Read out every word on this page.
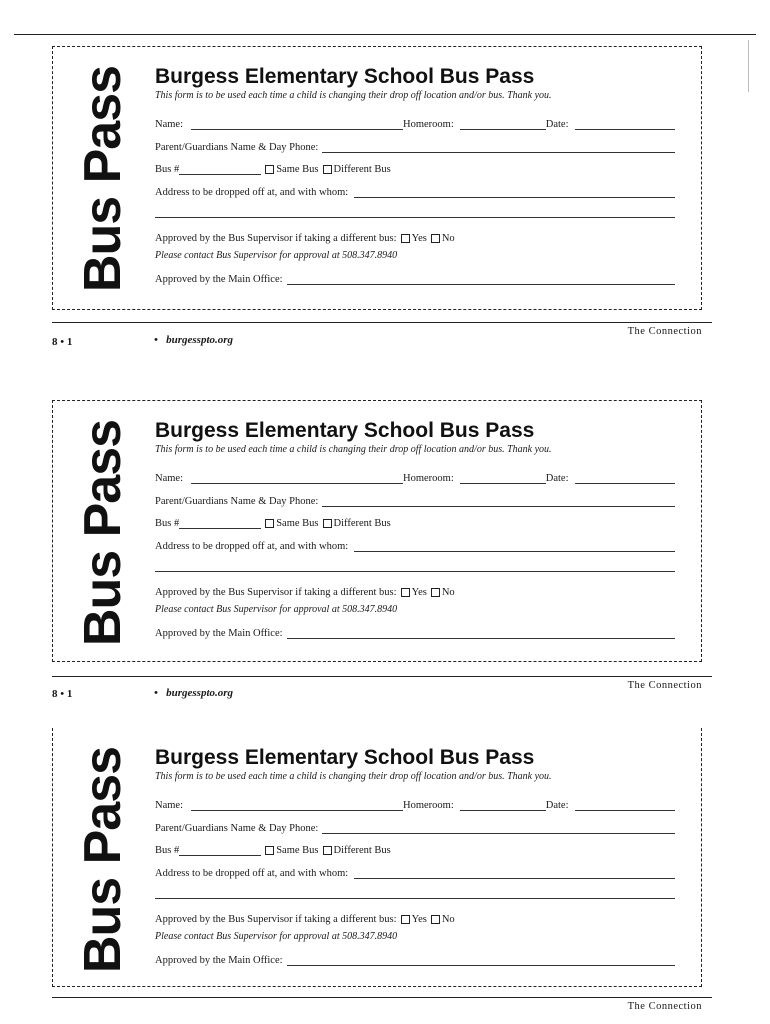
Bus Pass Burgess Elementary School Bus Pass
This form is to be used each time a child is changing their drop off location and/or bus. Thank you.
Name:	Homeroom:	Date:
Parent/Guardians Name & Day Phone:
Bus #	Same Bus Different Bus
Address to be dropped off at, and with whom:
Approved by the Bus Supervisor if taking a different bus: Yes No
Please contact Bus Supervisor for approval at 508.347.8940
Approved by the Main Office:
The Connection
8 • 1	• burgesspto.org
Bus Pass Burgess Elementary School Bus Pass
This form is to be used each time a child is changing their drop off location and/or bus. Thank you.
Name:	Homeroom:	Date:
Parent/Guardians Name & Day Phone:
Bus #	Same Bus Different Bus
Address to be dropped off at, and with whom:
Approved by the Bus Supervisor if taking a different bus: Yes No
Please contact Bus Supervisor for approval at 508.347.8940
Approved by the Main Office:
The Connection
8 • 1	• burgesspto.org
Bus Pass Burgess Elementary School Bus Pass
This form is to be used each time a child is changing their drop off location and/or bus. Thank you.
Name:	Homeroom:	Date:
Parent/Guardians Name & Day Phone:
Bus #	Same Bus Different Bus
Address to be dropped off at, and with whom:
Approved by the Bus Supervisor if taking a different bus: Yes No
Please contact Bus Supervisor for approval at 508.347.8940
Approved by the Main Office:
The Connection
